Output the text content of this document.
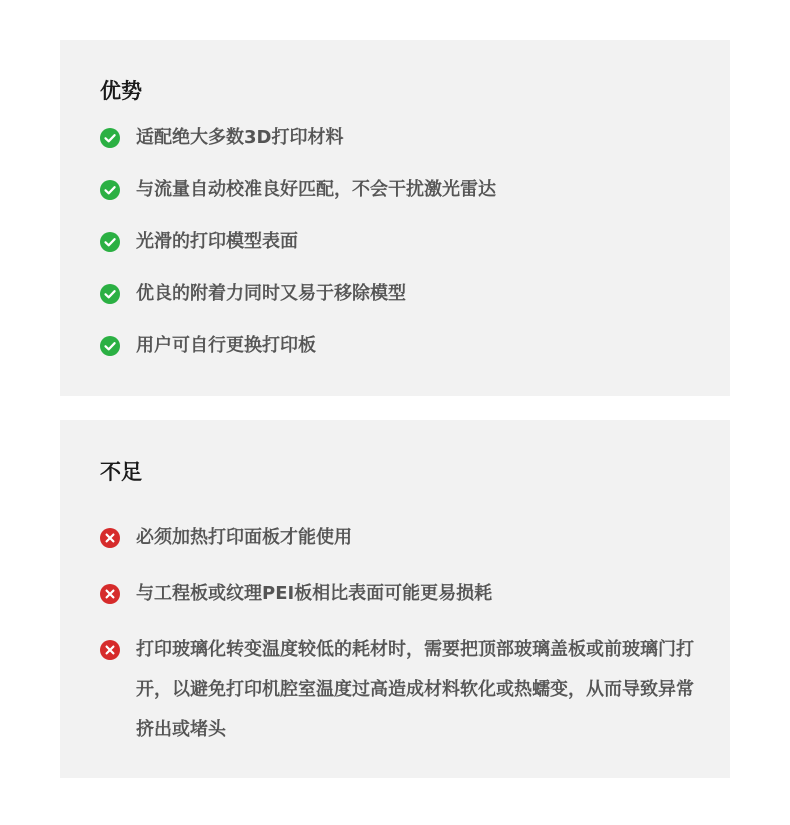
优势
适配绝大多数3D打印材料
与流量自动校准良好匹配，不会干扰激光雷达
光滑的打印模型表面
优良的附着力同时又易于移除模型
用户可自行更换打印板
不足
必须加热打印面板才能使用
与工程板或纹理PEI板相比表面可能更易损耗
打印玻璃化转变温度较低的耗材时，需要把顶部玻璃盖板或前玻璃门打开，以避免打印机腔室温度过高造成材料软化或热蠕变，从而导致异常挤出或堵头
